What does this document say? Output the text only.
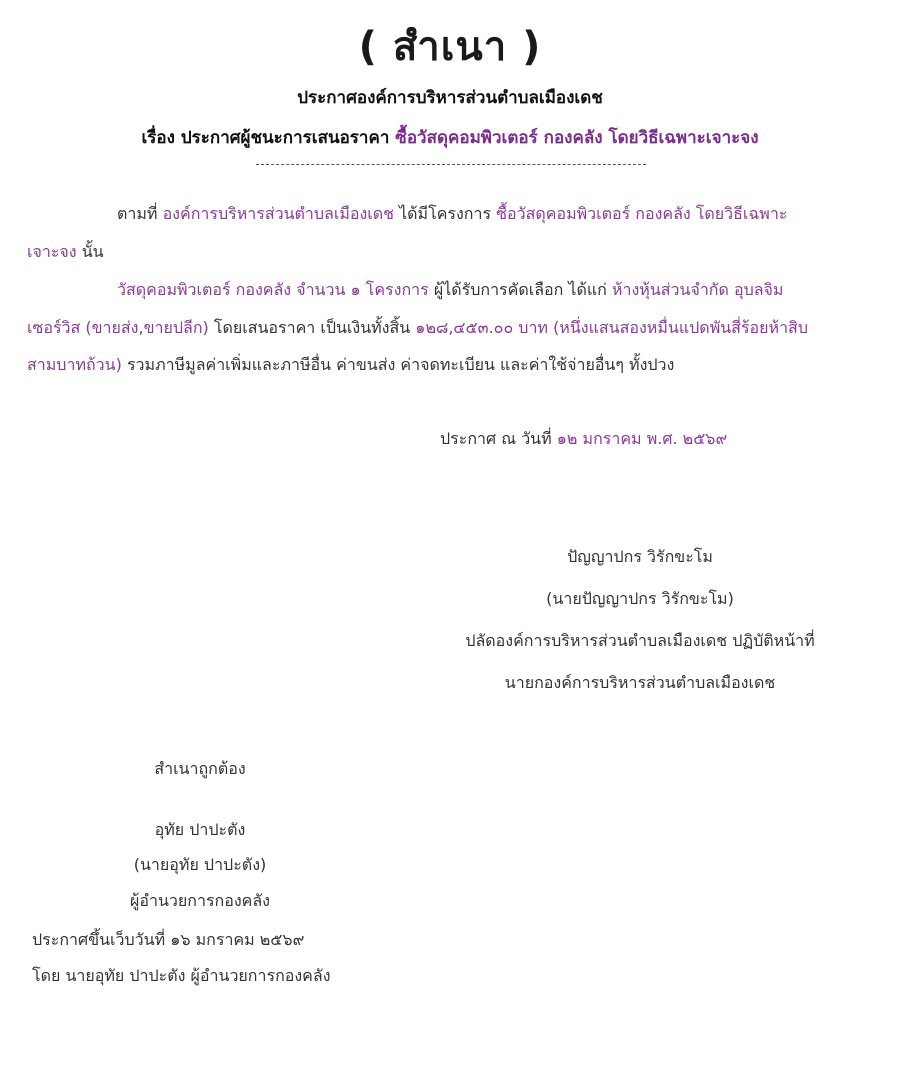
( สำเนา )
ประกาศองค์การบริหารส่วนตำบลเมืองเดช
เรื่อง ประกาศผู้ชนะการเสนอราคา ซื้อวัสดุคอมพิวเตอร์ กองคลัง โดยวิธีเฉพาะเจาะจง
ตามที่ องค์การบริหารส่วนตำบลเมืองเดช ได้มีโครงการ ซื้อวัสดุคอมพิวเตอร์ กองคลัง โดยวิธีเฉพาะ
เจาะจง นั้น
วัสดุคอมพิวเตอร์ กองคลัง จำนวน ๑ โครงการ ผู้ได้รับการคัดเลือก ได้แก่ ห้างหุ้นส่วนจำกัด อุบลจิม
เซอร์วิส (ขายส่ง,ขายปลีก) โดยเสนอราคา เป็นเงินทั้งสิ้น ๑๒๘,๔๕๓.๐๐ บาท (หนึ่งแสนสองหมื่นแปดพันสี่ร้อยห้าสิบ
สามบาทถ้วน) รวมภาษีมูลค่าเพิ่มและภาษีอื่น ค่าขนส่ง ค่าจดทะเบียน และค่าใช้จ่ายอื่นๆ ทั้งปวง
ประกาศ ณ วันที่ ๑๒ มกราคม พ.ศ. ๒๕๖๙
ปัญญาปกร วิรักขะโม
(นายปัญญาปกร วิรักขะโม)
ปลัดองค์การบริหารส่วนตำบลเมืองเดช ปฏิบัติหน้าที่
นายกองค์การบริหารส่วนตำบลเมืองเดช
สำเนาถูกต้อง
อุทัย ปาปะตัง
(นายอุทัย ปาปะตัง)
ผู้อำนวยการกองคลัง
ประกาศขึ้นเว็บวันที่ ๑๖ มกราคม ๒๕๖๙
โดย นายอุทัย ปาปะตัง ผู้อำนวยการกองคลัง
